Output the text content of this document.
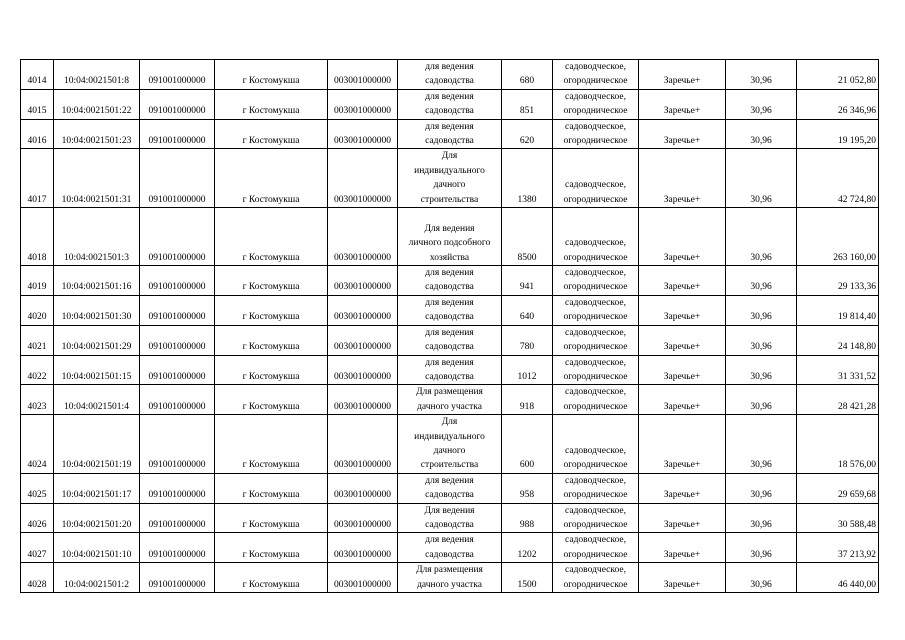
4014	10:04:0021501:8	091001000000	г Костомукша	003001000000	для ведения
садоводства	680	садоводческое,
огородническое	Заречье+	30,96	21 052,80
4015	10:04:0021501:22	091001000000	г Костомукша	003001000000	для ведения
садоводства	851	садоводческое,
огородническое	Заречье+	30,96	26 346,96
4016	10:04:0021501:23	091001000000	г Костомукша	003001000000	для ведения
садоводства	620	садоводческое,
огородническое	Заречье+	30,96	19 195,20
4017	10:04:0021501:31	091001000000	г Костомукша	003001000000	Для
индивидуального
дачного
строительства	1380	садоводческое,
огородническое	Заречье+	30,96	42 724,80
4018	10:04:0021501:3	091001000000	г Костомукша	003001000000	Для ведения
личного подсобного
хозяйства	8500	садоводческое,
огородническое	Заречье+	30,96	263 160,00
4019	10:04:0021501:16	091001000000	г Костомукша	003001000000	для ведения
садоводства	941	садоводческое,
огородническое	Заречье+	30,96	29 133,36
4020	10:04:0021501:30	091001000000	г Костомукша	003001000000	для ведения
садоводства	640	садоводческое,
огородническое	Заречье+	30,96	19 814,40
4021	10:04:0021501:29	091001000000	г Костомукша	003001000000	для ведения
садоводства	780	садоводческое,
огородническое	Заречье+	30,96	24 148,80
4022	10:04:0021501:15	091001000000	г Костомукша	003001000000	для ведения
садоводства	1012	садоводческое,
огородническое	Заречье+	30,96	31 331,52
4023	10:04:0021501:4	091001000000	г Костомукша	003001000000	Для размещения
дачного участка	918	садоводческое,
огородническое	Заречье+	30,96	28 421,28
4024	10:04:0021501:19	091001000000	г Костомукша	003001000000	Для
индивидуального
дачного
строительства	600	садоводческое,
огородническое	Заречье+	30,96	18 576,00
4025	10:04:0021501:17	091001000000	г Костомукша	003001000000	для ведения
садоводства	958	садоводческое,
огородническое	Заречье+	30,96	29 659,68
4026	10:04:0021501:20	091001000000	г Костомукша	003001000000	Для ведения
садоводства	988	садоводческое,
огородническое	Заречье+	30,96	30 588,48
4027	10:04:0021501:10	091001000000	г Костомукша	003001000000	для ведения
садоводства	1202	садоводческое,
огородническое	Заречье+	30,96	37 213,92
4028	10:04:0021501:2	091001000000	г Костомукша	003001000000	Для размещения
дачного участка	1500	садоводческое,
огородническое	Заречье+	30,96	46 440,00
